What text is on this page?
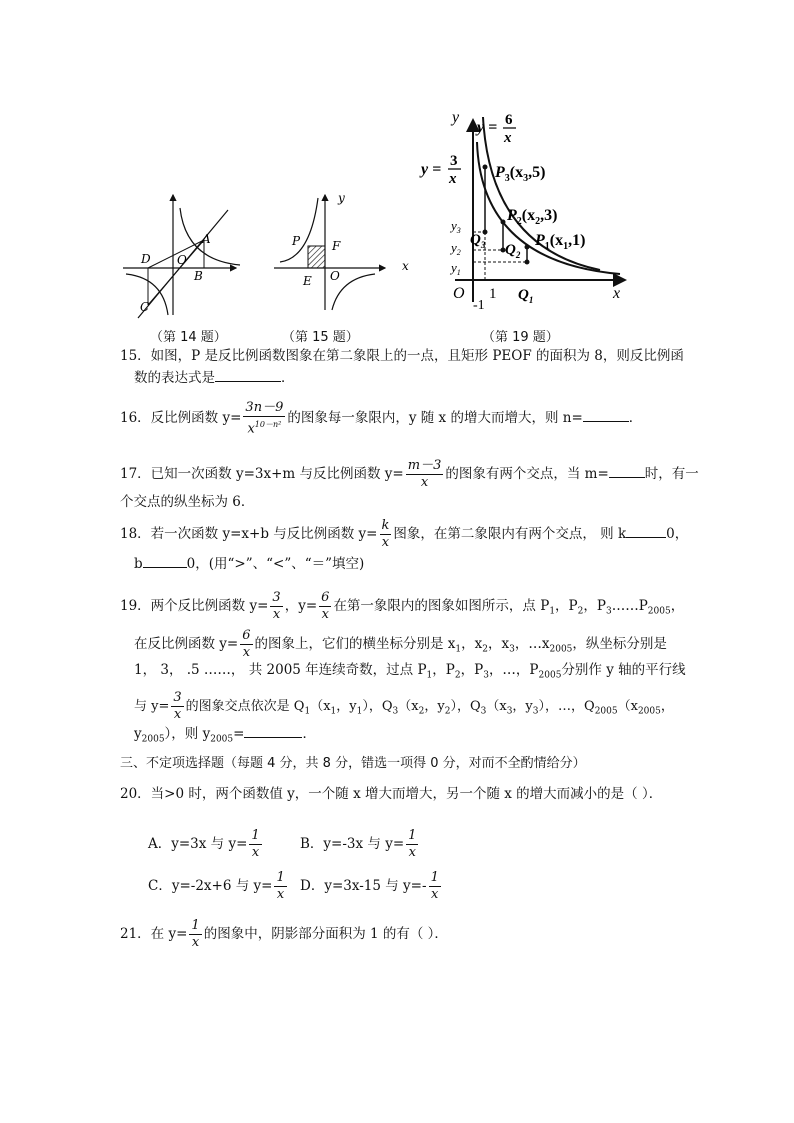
D O
A
B
C
（第 14 题）
y
x
P	F
E O
（第 15 题）
y
x
O
y = 6
x
y = 3
x $P_3(x_3,5)$
$P_2(x_2,3)$
$P_1(x_1,1)$
$Q_3$ $Q_2$
$Q_1$
$y_3$
$y_2$
$y_1$
-1
1
（第 19 题）
15．如图，P 是反比例函数图象在第二象限上的一点，且矩形 PEOF 的面积为 8，则反比例函
数的表达式是	．
16．反比例函数 $y= \frac{3n-9}{x^{10-n^2}}$ 的图象每一象限内，y 随 x 的增大而增大，则 n=	．
17．已知一次函数 y=3x+m 与反比例函数 $y= \frac{m-3}{x}$ 的图象有两个交点，当 m=	时，有一
个交点的纵坐标为 6．
18．若一次函数 y=x+b 与反比例函数 $y= \frac{k}{x}$ 图象，在第二象限内有两个交点， 则 k	0，
b	0，(用“>”、“<”、“＝”填空)
19．两个反比例函数 $y= \frac{3}{x}$ ，$y= \frac{6}{x}$ 在第一象限内的图象如图所示，点 $P_1$，$P_2$，$P_3\dots\dots P_{2005}$，
在反比例函数 $y= \frac{6}{x}$ 的图象上，它们的横坐标分别是 $x_1$，$x_2$，$x_3$，$\dots x_{2005}$，纵坐标分别是
1， 3， .5 ……， 共 2005 年连续奇数，过点 $P_1$，$P_2$，$P_3$，…，$P_{2005}$分别作 y 轴的平行线
与 $y= \frac{3}{x}$ 的图象交点依次是 $Q_1(x_1$，$y_1$），$Q_3(x_2$，$y_2$），$Q_3(x_3$，$y_3$），…，$Q_{2005}(x_{2005}$，
$y_{2005}$），则 $y_{2005}=$	．
三、不定项选择题（每题 4 分，共 8 分，错选一项得 0 分，对而不全酌情给分）
20．当>0 时，两个函数值 y，一个随 x 增大而增大，另一个随 x 的增大而减小的是（ ）．
A．y=3x 与 $y= \frac{1}{x}$	B．y=-3x 与 $y= \frac{1}{x}$
C．y=-2x+6 与 $y= \frac{1}{x}$ D．y=3x-15 与 $y=- \frac{1}{x}$
21．在 $y= \frac{1}{x}$ 的图象中，阴影部分面积为 1 的有（ ）．
